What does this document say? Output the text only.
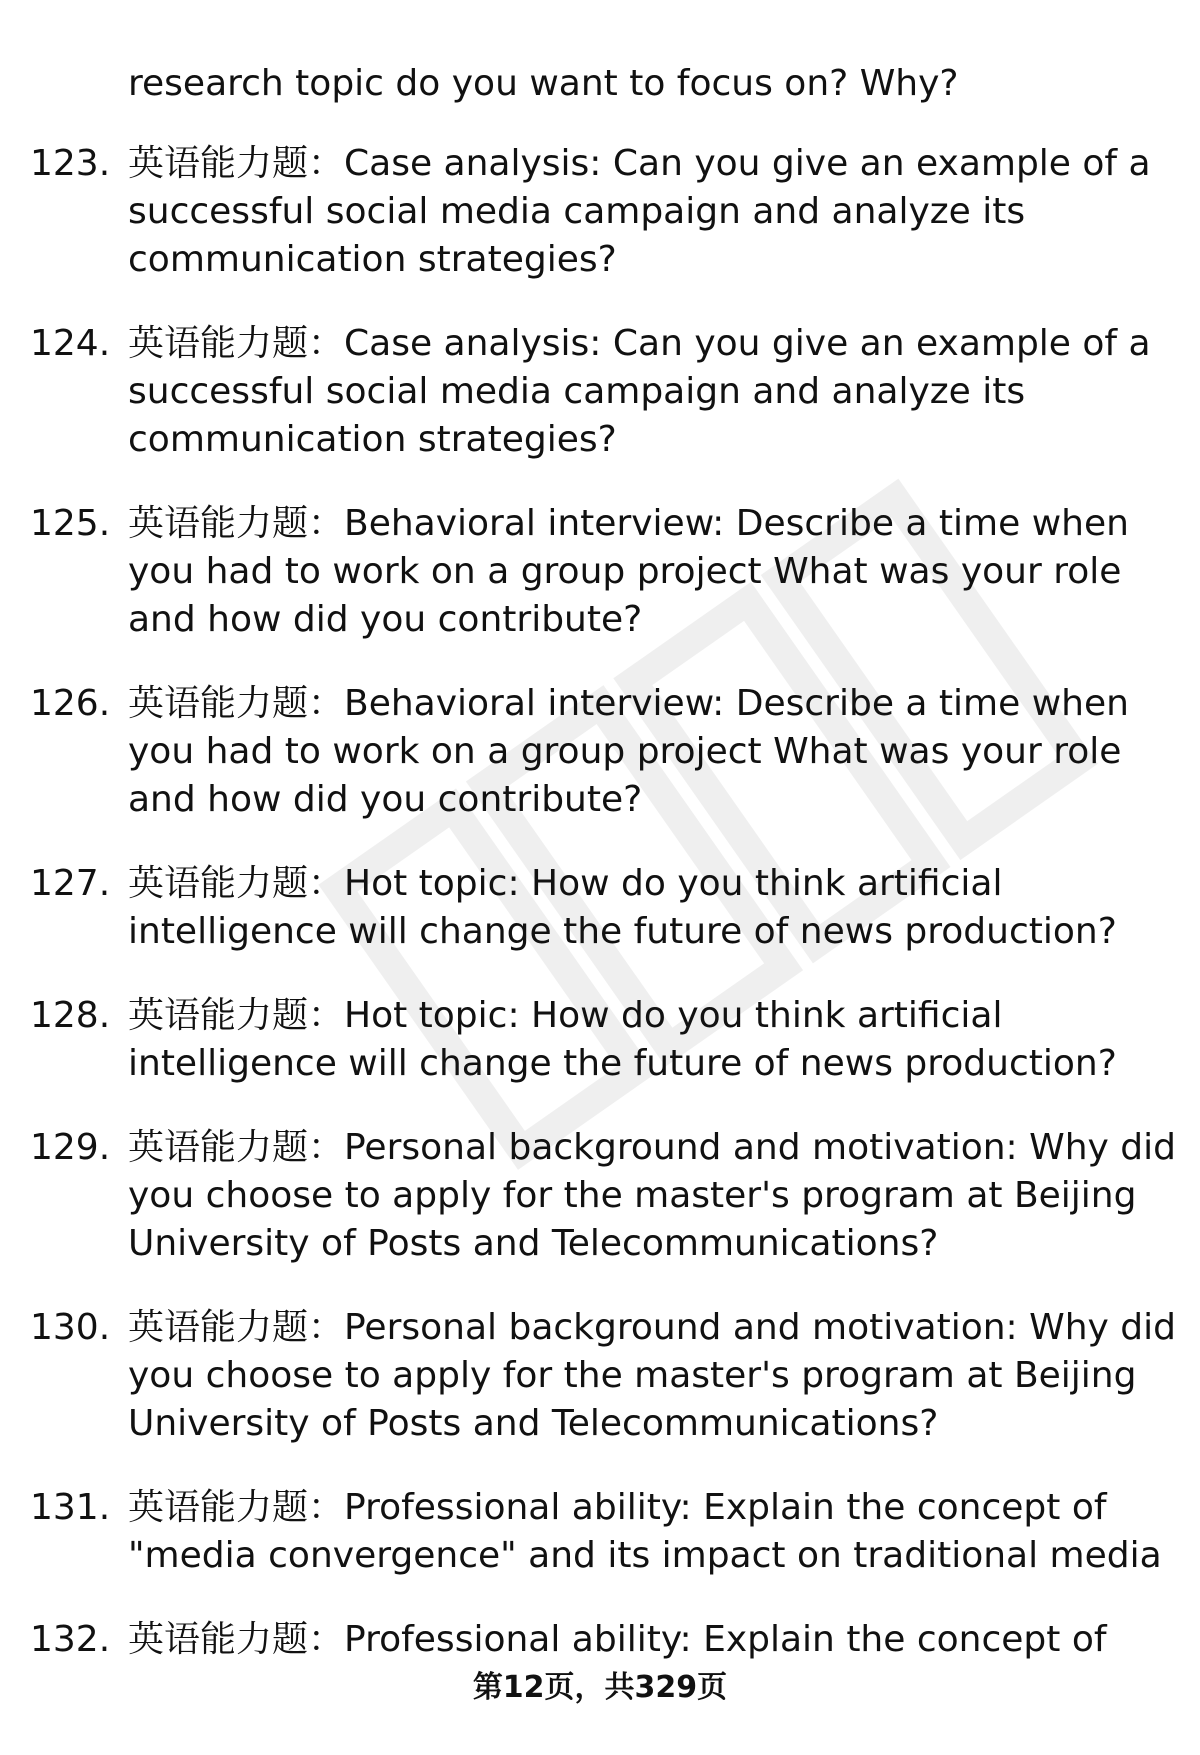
research topic do you want to focus on? Why?
123. 英语能力题：Case analysis: Can you give an example of a
successful social media campaign and analyze its
communication strategies?
124. 英语能力题：Case analysis: Can you give an example of a
successful social media campaign and analyze its
communication strategies?
125. 英语能力题：Behavioral interview: Describe a time when
you had to work on a group project What was your role
and how did you contribute?
126. 英语能力题：Behavioral interview: Describe a time when
you had to work on a group project What was your role
and how did you contribute?
127. 英语能力题：Hot topic: How do you think artificial
intelligence will change the future of news production?
128. 英语能力题：Hot topic: How do you think artificial
intelligence will change the future of news production?
129. 英语能力题：Personal background and motivation: Why did
you choose to apply for the master's program at Beijing
University of Posts and Telecommunications?
130. 英语能力题：Personal background and motivation: Why did
you choose to apply for the master's program at Beijing
University of Posts and Telecommunications?
131. 英语能力题：Professional ability: Explain the concept of
"media convergence" and its impact on traditional media
132. 英语能力题：Professional ability: Explain the concept of
第12页，共329页
